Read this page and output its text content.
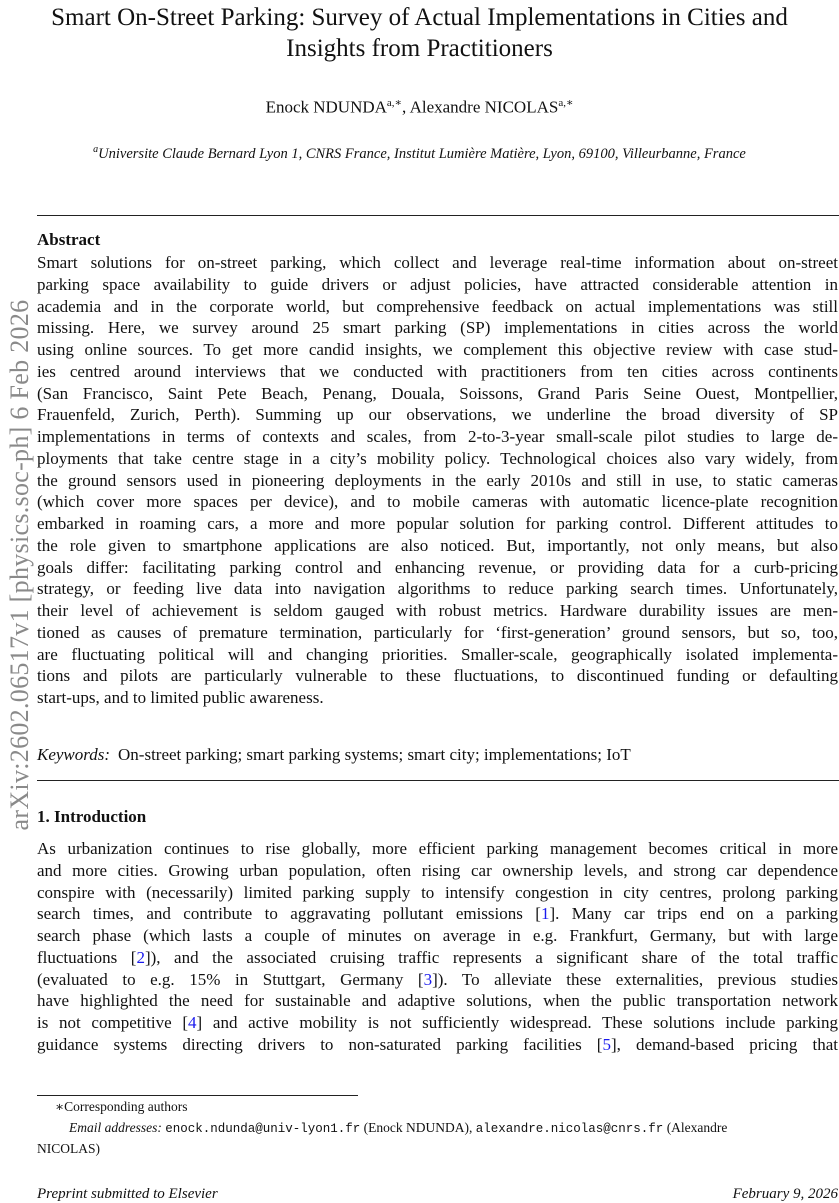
arXiv:2602.06517v1 [physics.soc-ph] 6 Feb 2026
Smart On-Street Parking: Survey of Actual Implementations in Cities and
Insights from Practitioners
Enock $NDUNDA^{a,∗}$, Alexandre $NICOLAS^{a,∗}$
$^a$Universite Claude Bernard Lyon 1, CNRS France, Institut Lumière Matière, Lyon, 69100, Villeurbanne, France
Abstract
Smart solutions for on-street parking, which collect and leverage real-time information about on-street
parking space availability to guide drivers or adjust policies, have attracted considerable attention in
academia and in the corporate world, but comprehensive feedback on actual implementations was still
missing. Here, we survey around 25 smart parking (SP) implementations in cities across the world
using online sources. To get more candid insights, we complement this objective review with case stud-
ies centred around interviews that we conducted with practitioners from ten cities across continents
(San Francisco, Saint Pete Beach, Penang, Douala, Soissons, Grand Paris Seine Ouest, Montpellier,
Frauenfeld, Zurich, Perth). Summing up our observations, we underline the broad diversity of SP
implementations in terms of contexts and scales, from 2-to-3-year small-scale pilot studies to large de-
ployments that take centre stage in a city’s mobility policy. Technological choices also vary widely, from
the ground sensors used in pioneering deployments in the early 2010s and still in use, to static cameras
(which cover more spaces per device), and to mobile cameras with automatic licence-plate recognition
embarked in roaming cars, a more and more popular solution for parking control. Different attitudes to
the role given to smartphone applications are also noticed. But, importantly, not only means, but also
goals differ: facilitating parking control and enhancing revenue, or providing data for a curb-pricing
strategy, or feeding live data into navigation algorithms to reduce parking search times. Unfortunately,
their level of achievement is seldom gauged with robust metrics. Hardware durability issues are men-
tioned as causes of premature termination, particularly for ‘first-generation’ ground sensors, but so, too,
are fluctuating political will and changing priorities. Smaller-scale, geographically isolated implementa-
tions and pilots are particularly vulnerable to these fluctuations, to discontinued funding or defaulting
start-ups, and to limited public awareness.
Keywords: On-street parking; smart parking systems; smart city; implementations; IoT
1. Introduction
As urbanization continues to rise globally, more efficient parking management becomes critical in more
and more cities. Growing urban population, often rising car ownership levels, and strong car dependence
conspire with (necessarily) limited parking supply to intensify congestion in city centres, prolong parking
search times, and contribute to aggravating pollutant emissions [1]. Many car trips end on a parking
search phase (which lasts a couple of minutes on average in e.g. Frankfurt, Germany, but with large
fluctuations [2]), and the associated cruising traffic represents a significant share of the total traffic
(evaluated to e.g. 15% in Stuttgart, Germany [3]). To alleviate these externalities, previous studies
have highlighted the need for sustainable and adaptive solutions, when the public transportation network
is not competitive [4] and active mobility is not sufficiently widespread. These solutions include parking
guidance systems directing drivers to non-saturated parking facilities [5], demand-based pricing that
∗Corresponding authors
Email addresses: enock.ndunda@univ-lyon1.fr (Enock NDUNDA), alexandre.nicolas@cnrs.fr (Alexandre
NICOLAS)
Preprint submitted to Elsevier	February 9, 2026
